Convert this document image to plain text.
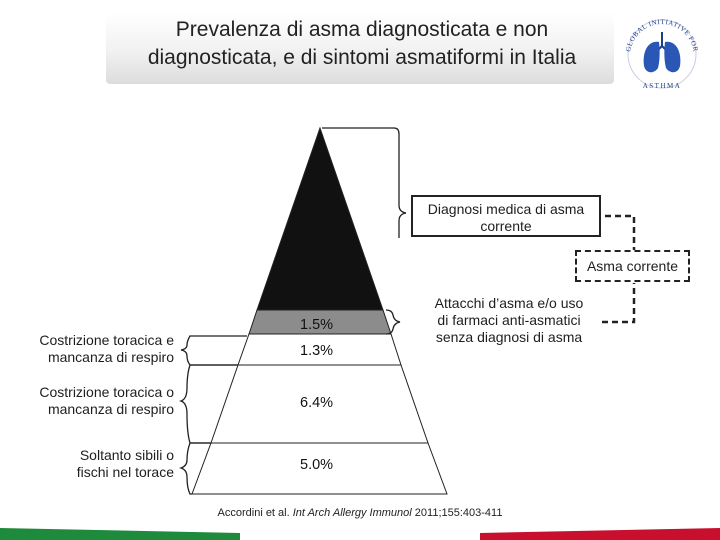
Prevalenza di asma diagnosticata e non
diagnosticata, e di sintomi asmatiformi in Italia	GLOBAL INITIATIVE FOR
ASTHMA
4.9%
1.5%
1.3%
6.4%
5.0%
Costrizione toracica e
mancanza di respiro
Costrizione toracica o
mancanza di respiro
Soltanto sibili o
fischi nel torace
Diagnosi medica di asma
corrente
Asma corrente
Attacchi d’asma e/o uso
di farmaci anti-asmatici
senza diagnosi di asma
Accordini et al. Int Arch Allergy Immunol 2011;155:403-411
